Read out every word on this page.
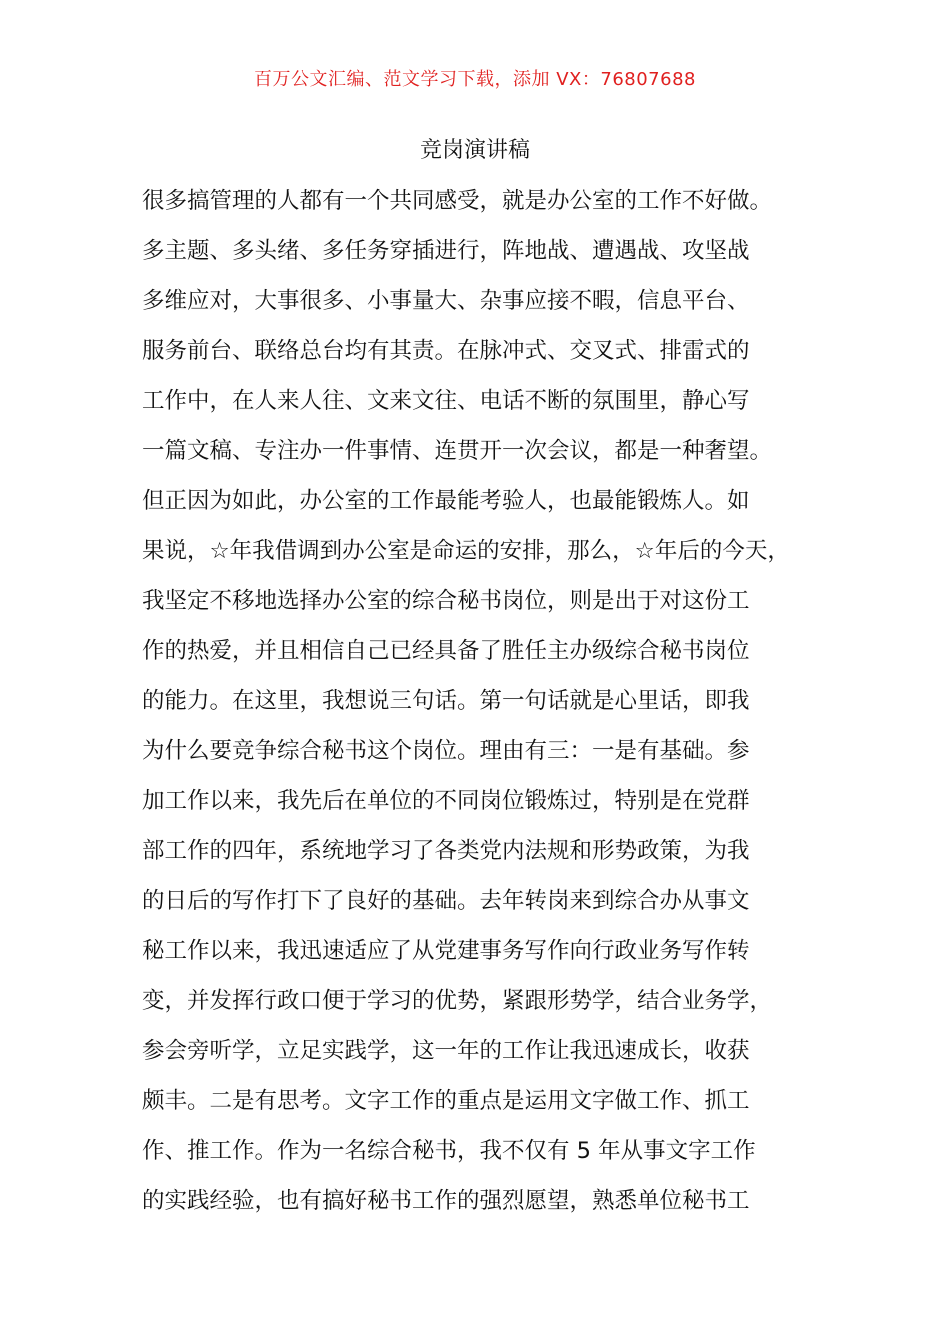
百万公文汇编、范文学习下载，添加 VX：76807688
竞岗演讲稿
很多搞管理的人都有一个共同感受，就是办公室的工作不好做。
多主题、多头绪、多任务穿插进行，阵地战、遭遇战、攻坚战
多维应对，大事很多、小事量大、杂事应接不暇，信息平台、
服务前台、联络总台均有其责。在脉冲式、交叉式、排雷式的
工作中，在人来人往、文来文往、电话不断的氛围里，静心写
一篇文稿、专注办一件事情、连贯开一次会议，都是一种奢望。
但正因为如此，办公室的工作最能考验人，也最能锻炼人。如
果说，☆年我借调到办公室是命运的安排，那么，☆年后的今天，
我坚定不移地选择办公室的综合秘书岗位，则是出于对这份工
作的热爱，并且相信自己已经具备了胜任主办级综合秘书岗位
的能力。在这里，我想说三句话。第一句话就是心里话，即我
为什么要竞争综合秘书这个岗位。理由有三：一是有基础。参
加工作以来，我先后在单位的不同岗位锻炼过，特别是在党群
部工作的四年，系统地学习了各类党内法规和形势政策，为我
的日后的写作打下了良好的基础。去年转岗来到综合办从事文
秘工作以来，我迅速适应了从党建事务写作向行政业务写作转
变，并发挥行政口便于学习的优势，紧跟形势学，结合业务学，
参会旁听学，立足实践学，这一年的工作让我迅速成长，收获
颇丰。二是有思考。文字工作的重点是运用文字做工作、抓工
作、推工作。作为一名综合秘书，我不仅有 5 年从事文字工作
的实践经验，也有搞好秘书工作的强烈愿望，熟悉单位秘书工
